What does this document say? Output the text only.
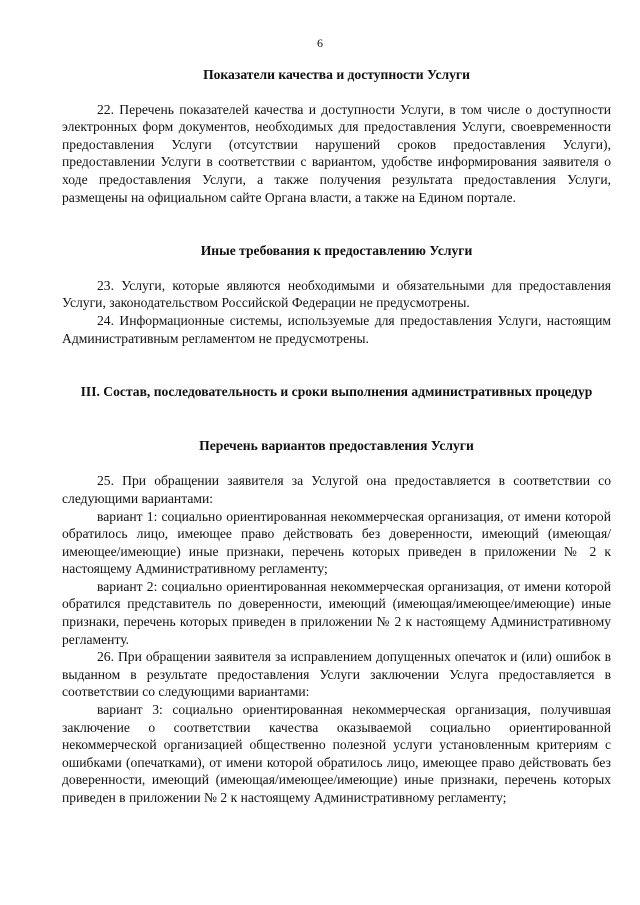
6
Показатели качества и доступности Услуги

22. Перечень показателей качества и доступности Услуги, в том числе о доступности электронных форм документов, необходимых для предоставления Услуги, своевременности предоставления Услуги (отсутствии нарушений сроков предоставления Услуги), предоставлении Услуги в соответствии с вариантом, удобстве информирования заявителя о ходе предоставления Услуги, а также получения результата предоставления Услуги, размещены на официальном сайте Органа власти, а также на Едином портале.

Иные требования к предоставлению Услуги

23. Услуги, которые являются необходимыми и обязательными для предоставления Услуги, законодательством Российской Федерации не предусмотрены.

24. Информационные системы, используемые для предоставления Услуги, настоящим Административным регламентом не предусмотрены.

III. Состав, последовательность и сроки выполнения административных процедур
Перечень вариантов предоставления Услуги

25. При обращении заявителя за Услугой она предоставляется в соответствии со следующими вариантами:

вариант 1: социально ориентированная некоммерческая организация, от имени которой обратилось лицо, имеющее право действовать без доверенности, имеющий (имеющая/имеющее/имеющие) иные признаки, перечень которых приведен в приложении № 2 к настоящему Административному регламенту;

вариант 2: социально ориентированная некоммерческая организация, от имени которой обратился представитель по доверенности, имеющий (имеющая/имеющее/имеющие) иные признаки, перечень которых приведен в приложении № 2 к настоящему Административному регламенту.

26. При обращении заявителя за исправлением допущенных опечаток и (или) ошибок в выданном в результате предоставления Услуги заключении Услуга предоставляется в соответствии со следующими вариантами:

вариант 3: социально ориентированная некоммерческая организация, получившая заключение о соответствии качества оказываемой социально ориентированной некоммерческой организацией общественно полезной услуги установленным критериям с ошибками (опечатками), от имени которой обратилось лицо, имеющее право действовать без доверенности, имеющий (имеющая/имеющее/имеющие) иные признаки, перечень которых приведен в приложении № 2 к настоящему Административному регламенту;
